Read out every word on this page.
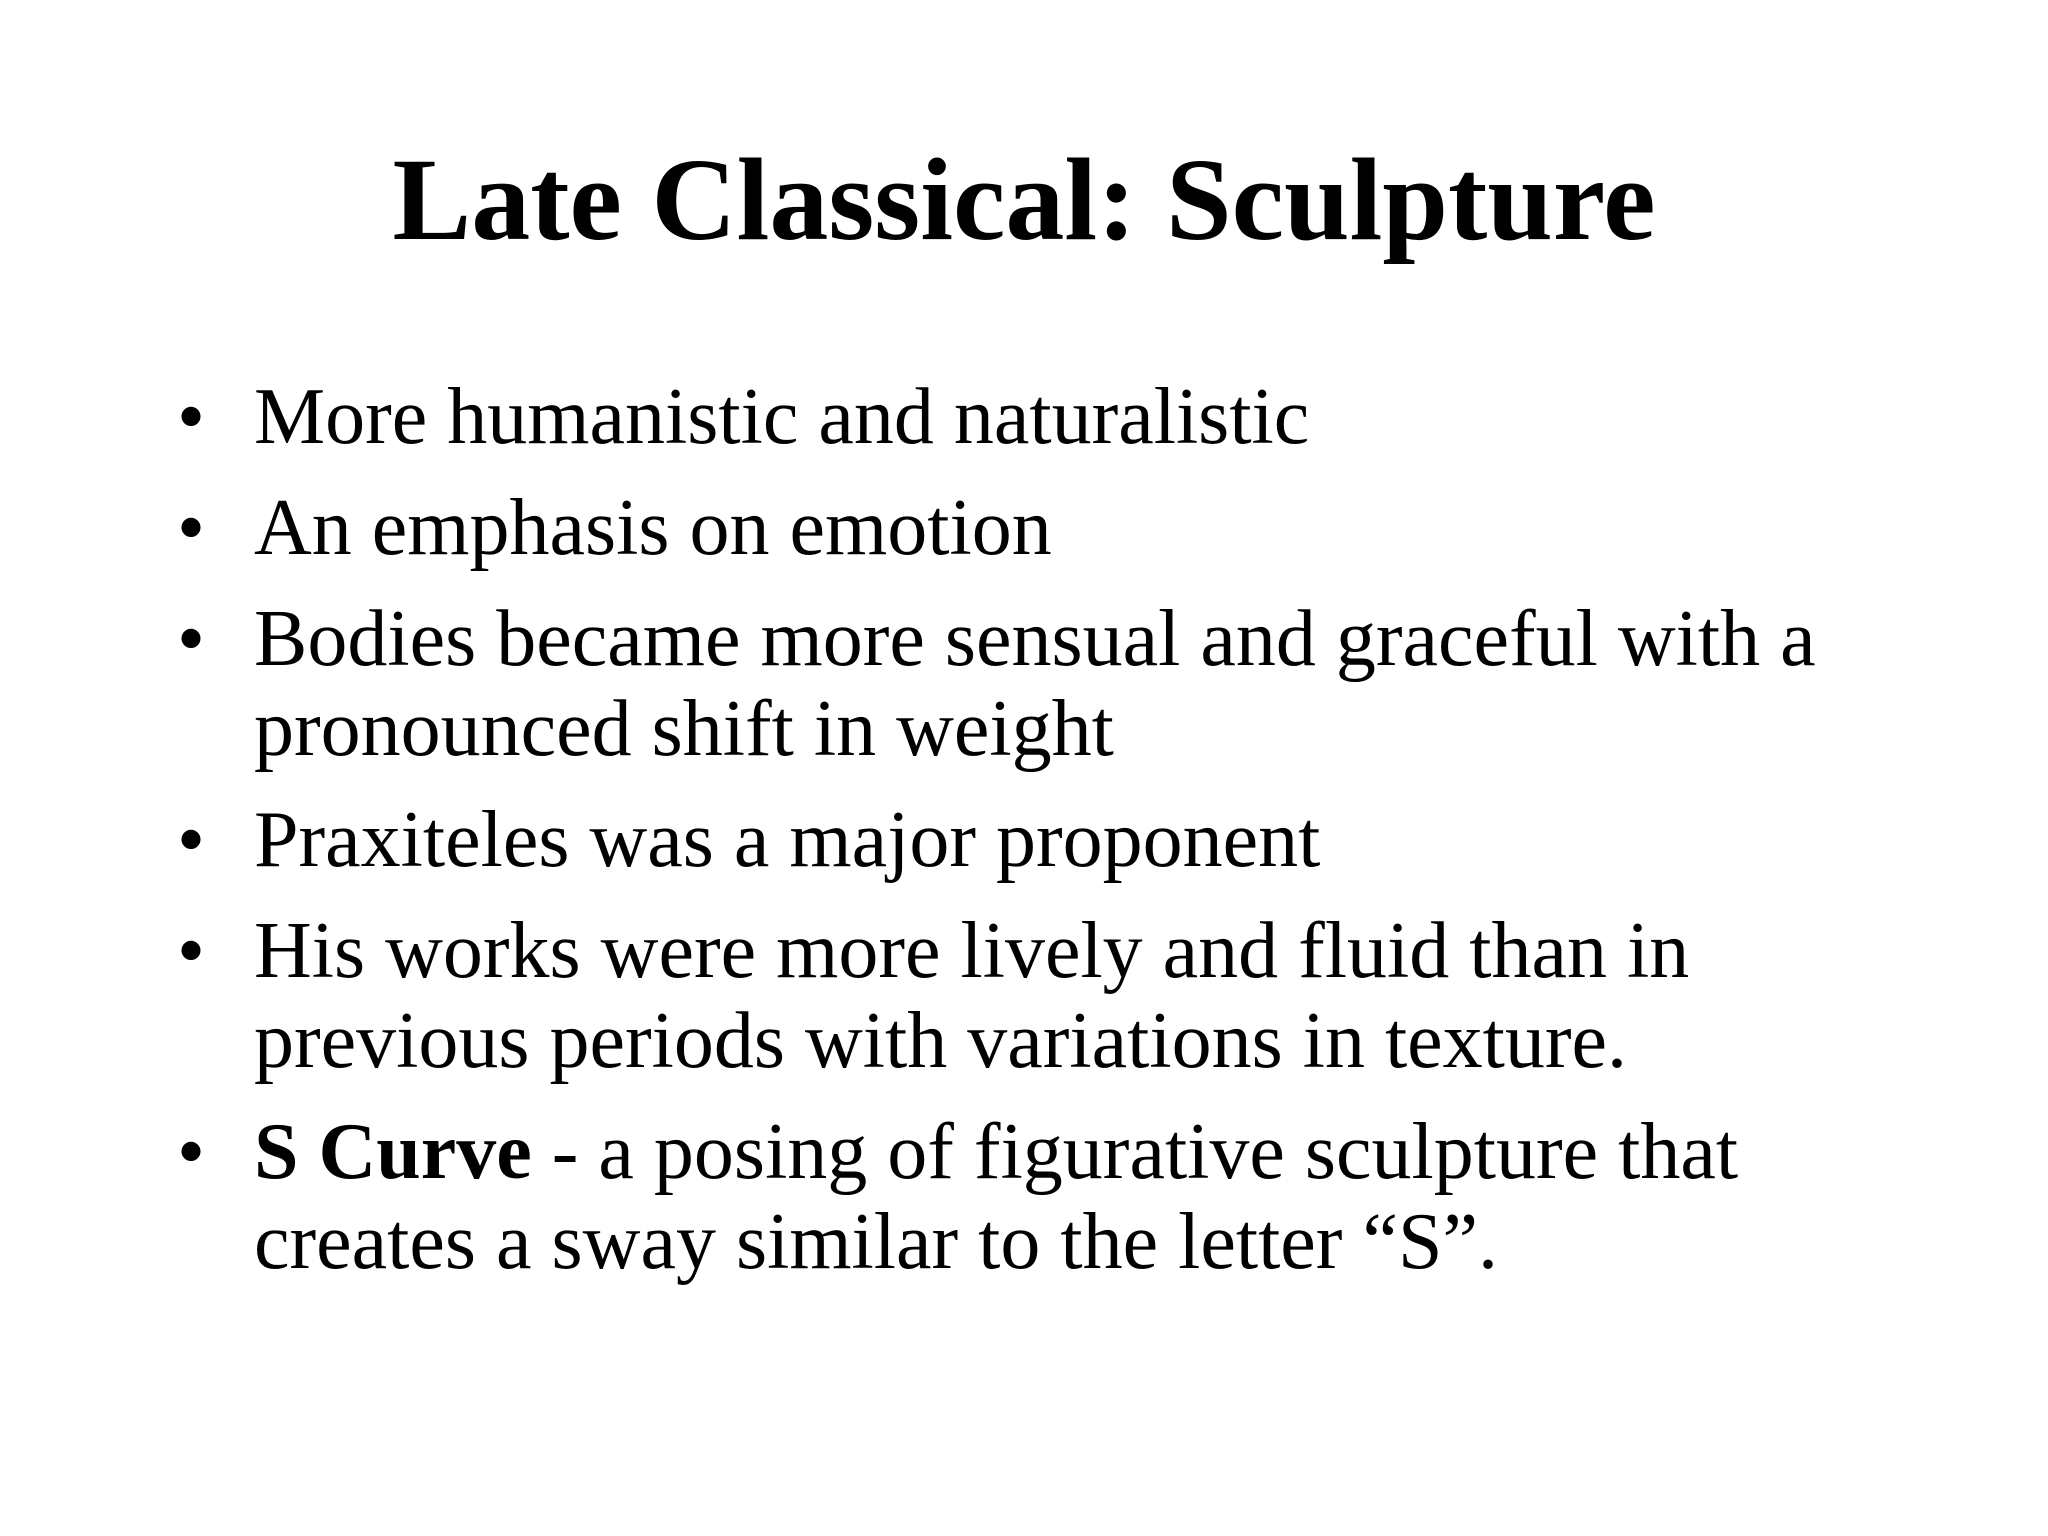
Late Classical: Sculpture
• More humanistic and naturalistic
• An emphasis on emotion
• Bodies became more sensual and graceful with a pronounced shift in weight
• Praxiteles was a major proponent
• His works were more lively and fluid than in previous periods with variations in texture.
• S Curve - a posing of figurative sculpture that creates a sway similar to the letter “S”.
